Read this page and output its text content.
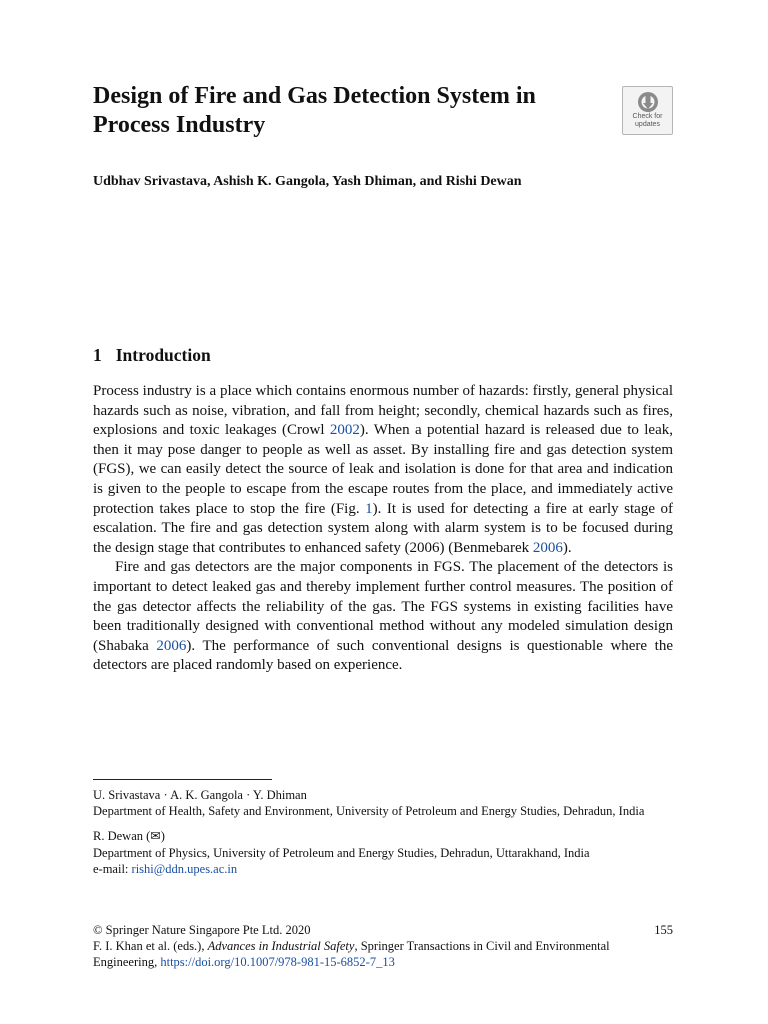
Design of Fire and Gas Detection System in Process Industry	Check for
updates

Udbhav Srivastava, Ashish K. Gangola, Yash Dhiman, and Rishi Dewan

1 Introduction

Process industry is a place which contains enormous number of hazards: firstly, general physical hazards such as noise, vibration, and fall from height; secondly, chemical hazards such as fires, explosions and toxic leakages (Crowl 2002). When a potential hazard is released due to leak, then it may pose danger to people as well as asset. By installing fire and gas detection system (FGS), we can easily detect the source of leak and isolation is done for that area and indication is given to the people to escape from the escape routes from the place, and immediately active protection takes place to stop the fire (Fig. 1). It is used for detecting a fire at early stage of escalation. The fire and gas detection system along with alarm system is to be focused during the design stage that contributes to enhanced safety (2006) (Benmebarek 2006).

Fire and gas detectors are the major components in FGS. The placement of the detectors is important to detect leaked gas and thereby implement further control measures. The position of the gas detector affects the reliability of the gas. The FGS systems in existing facilities have been traditionally designed with conventional method without any modeled simulation design (Shabaka 2006). The performance of such conventional designs is questionable where the detectors are placed randomly based on experience.

U. Srivastava · A. K. Gangola · Y. Dhiman

Department of Health, Safety and Environment, University of Petroleum and Energy Studies, Dehradun, India

R. Dewan (✉)

Department of Physics, University of Petroleum and Energy Studies, Dehradun, Uttarakhand, India

e-mail: rishi@ddn.upes.ac.in

155

© Springer Nature Singapore Pte Ltd. 2020

F. I. Khan et al. (eds.), Advances in Industrial Safety, Springer Transactions in Civil and Environmental Engineering, https://doi.org/10.1007/978-981-15-6852-7_13
